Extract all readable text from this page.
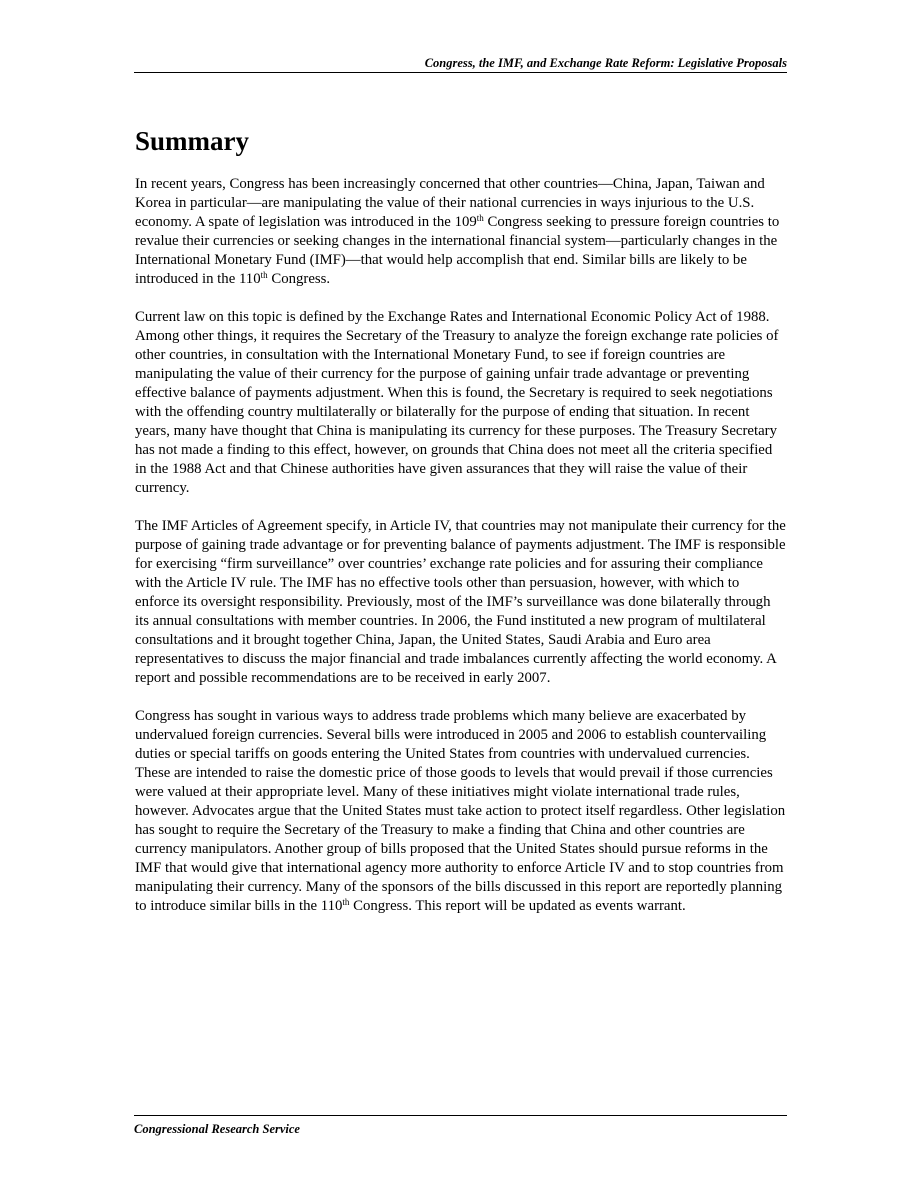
Congress, the IMF, and Exchange Rate Reform: Legislative Proposals
Summary

In recent years, Congress has been increasingly concerned that other countries—China, Japan, Taiwan and Korea in particular—are manipulating the value of their national currencies in ways injurious to the U.S. economy. A spate of legislation was introduced in the 109th Congress seeking to pressure foreign countries to revalue their currencies or seeking changes in the international financial system—particularly changes in the International Monetary Fund (IMF)—that would help accomplish that end. Similar bills are likely to be introduced in the 110th Congress.

Current law on this topic is defined by the Exchange Rates and International Economic Policy Act of 1988. Among other things, it requires the Secretary of the Treasury to analyze the foreign exchange rate policies of other countries, in consultation with the International Monetary Fund, to see if foreign countries are manipulating the value of their currency for the purpose of gaining unfair trade advantage or preventing effective balance of payments adjustment. When this is found, the Secretary is required to seek negotiations with the offending country multilaterally or bilaterally for the purpose of ending that situation. In recent years, many have thought that China is manipulating its currency for these purposes. The Treasury Secretary has not made a finding to this effect, however, on grounds that China does not meet all the criteria specified in the 1988 Act and that Chinese authorities have given assurances that they will raise the value of their currency.

The IMF Articles of Agreement specify, in Article IV, that countries may not manipulate their currency for the purpose of gaining trade advantage or for preventing balance of payments adjustment. The IMF is responsible for exercising “firm surveillance” over countries’ exchange rate policies and for assuring their compliance with the Article IV rule. The IMF has no effective tools other than persuasion, however, with which to enforce its oversight responsibility. Previously, most of the IMF’s surveillance was done bilaterally through its annual consultations with member countries. In 2006, the Fund instituted a new program of multilateral consultations and it brought together China, Japan, the United States, Saudi Arabia and Euro area representatives to discuss the major financial and trade imbalances currently affecting the world economy. A report and possible recommendations are to be received in early 2007.

Congress has sought in various ways to address trade problems which many believe are exacerbated by undervalued foreign currencies. Several bills were introduced in 2005 and 2006 to establish countervailing duties or special tariffs on goods entering the United States from countries with undervalued currencies. These are intended to raise the domestic price of those goods to levels that would prevail if those currencies were valued at their appropriate level. Many of these initiatives might violate international trade rules, however. Advocates argue that the United States must take action to protect itself regardless. Other legislation has sought to require the Secretary of the Treasury to make a finding that China and other countries are currency manipulators. Another group of bills proposed that the United States should pursue reforms in the IMF that would give that international agency more authority to enforce Article IV and to stop countries from manipulating their currency. Many of the sponsors of the bills discussed in this report are reportedly planning to introduce similar bills in the 110th Congress. This report will be updated as events warrant.

Congressional Research Service
